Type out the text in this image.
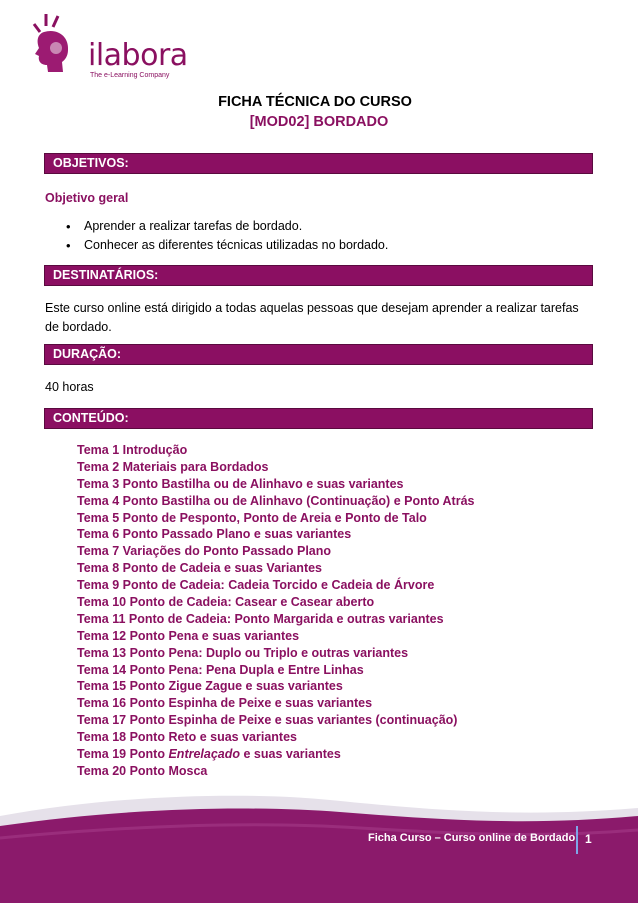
ilabora
The e-Learning Company
FICHA TÉCNICA DO CURSO
[MOD02] BORDADO
OBJETIVOS:
Objetivo geral
• Aprender a realizar tarefas de bordado.
• Conhecer as diferentes técnicas utilizadas no bordado.
DESTINATÁRIOS:
Este curso online está dirigido a todas aquelas pessoas que desejam aprender a realizar tarefas
de bordado.
DURAÇÃO:
40 horas
CONTEÚDO:
Tema 1 Introdução
Tema 2 Materiais para Bordados
Tema 3 Ponto Bastilha ou de Alinhavo e suas variantes
Tema 4 Ponto Bastilha ou de Alinhavo (Continuação) e Ponto Atrás
Tema 5 Ponto de Pesponto, Ponto de Areia e Ponto de Talo
Tema 6 Ponto Passado Plano e suas variantes
Tema 7 Variações do Ponto Passado Plano
Tema 8 Ponto de Cadeia e suas Variantes
Tema 9 Ponto de Cadeia: Cadeia Torcido e Cadeia de Árvore
Tema 10 Ponto de Cadeia: Casear e Casear aberto
Tema 11 Ponto de Cadeia: Ponto Margarida e outras variantes
Tema 12 Ponto Pena e suas variantes
Tema 13 Ponto Pena: Duplo ou Triplo e outras variantes
Tema 14 Ponto Pena: Pena Dupla e Entre Linhas
Tema 15 Ponto Zigue Zague e suas variantes
Tema 16 Ponto Espinha de Peixe e suas variantes
Tema 17 Ponto Espinha de Peixe e suas variantes (continuação)
Tema 18 Ponto Reto e suas variantes
Tema 19 Ponto Entrelaçado e suas variantes
Tema 20 Ponto Mosca
Ficha Curso – Curso online de Bordado 1
